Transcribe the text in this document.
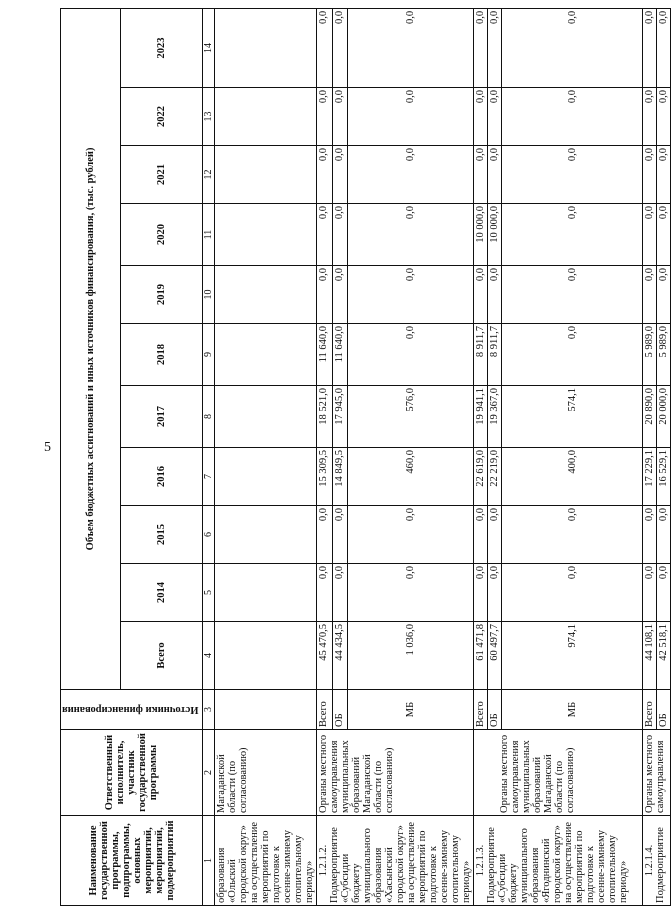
5
Наименование государственной программы, подпрограммы, основных мероприятий, мероприятий, подмероприятий	Ответственный исполнитель, участник государственной программы	Источники финансирования	Объем бюджетных ассигнований и иных источников финансирования, (тыс. рублей)										
			Всего	2014	2015	2016	2017	2018	2019	2020	2021	2022	2023
1	2	3	4	5	6	7	8	9	10	11	12	13	14
образования «Ольский городской округ» на осуществление мероприятий по подготовке к осенне-зимнему отопительному периоду»	Магаданской области (по согласованию)												

1.2.1.2. Подмероприятие «Субсидии бюджету муниципального образования «Хасынский городской округ» на осуществление мероприятий по подготовке к осенне-зимнему отопительному периоду»	Органы местного самоуправления муниципальных образований Магаданской области (по согласованию)	Всего	45 470,5	0,0	0,0	15 309,5	18 521,0	11 640,0	0,0	0,0	0,0	0,0	0,0
		ОБ	44 434,5	0,0	0,0	14 849,5	17 945,0	11 640,0	0,0	0,0	0,0	0,0	0,0
		МБ	1 036,0	0,0	0,0	460,0	576,0	0,0	0,0	0,0	0,0	0,0	0,0

1.2.1.3. Подмероприятие «Субсидии бюджету муниципального образования «Ягоднинский городской округ» на осуществление мероприятий по подготовке к осенне-зимнему отопительному периоду»	Органы местного самоуправления муниципальных образований Магаданской области (по согласованию)	Всего	61 471,8	0,0	0,0	22 619,0	19 941,1	8 911,7	0,0	10 000,0	0,0	0,0	0,0
		ОБ	60 497,7	0,0	0,0	22 219,0	19 367,0	8 911,7	0,0	10 000,0	0,0	0,0	0,0
		МБ	974,1	0,0	0,0	400,0	574,1	0,0	0,0	0,0	0,0	0,0	0,0

1.2.1.4. Подмероприятие	Органы местного самоуправления	Всего	44 108,1	0,0	0,0	17 229,1	20 890,0	5 989,0	0,0	0,0	0,0	0,0	0,0
		ОБ	42 518,1	0,0	0,0	16 529,1	20 000,0	5 989,0	0,0	0,0	0,0	0,0	0,0
